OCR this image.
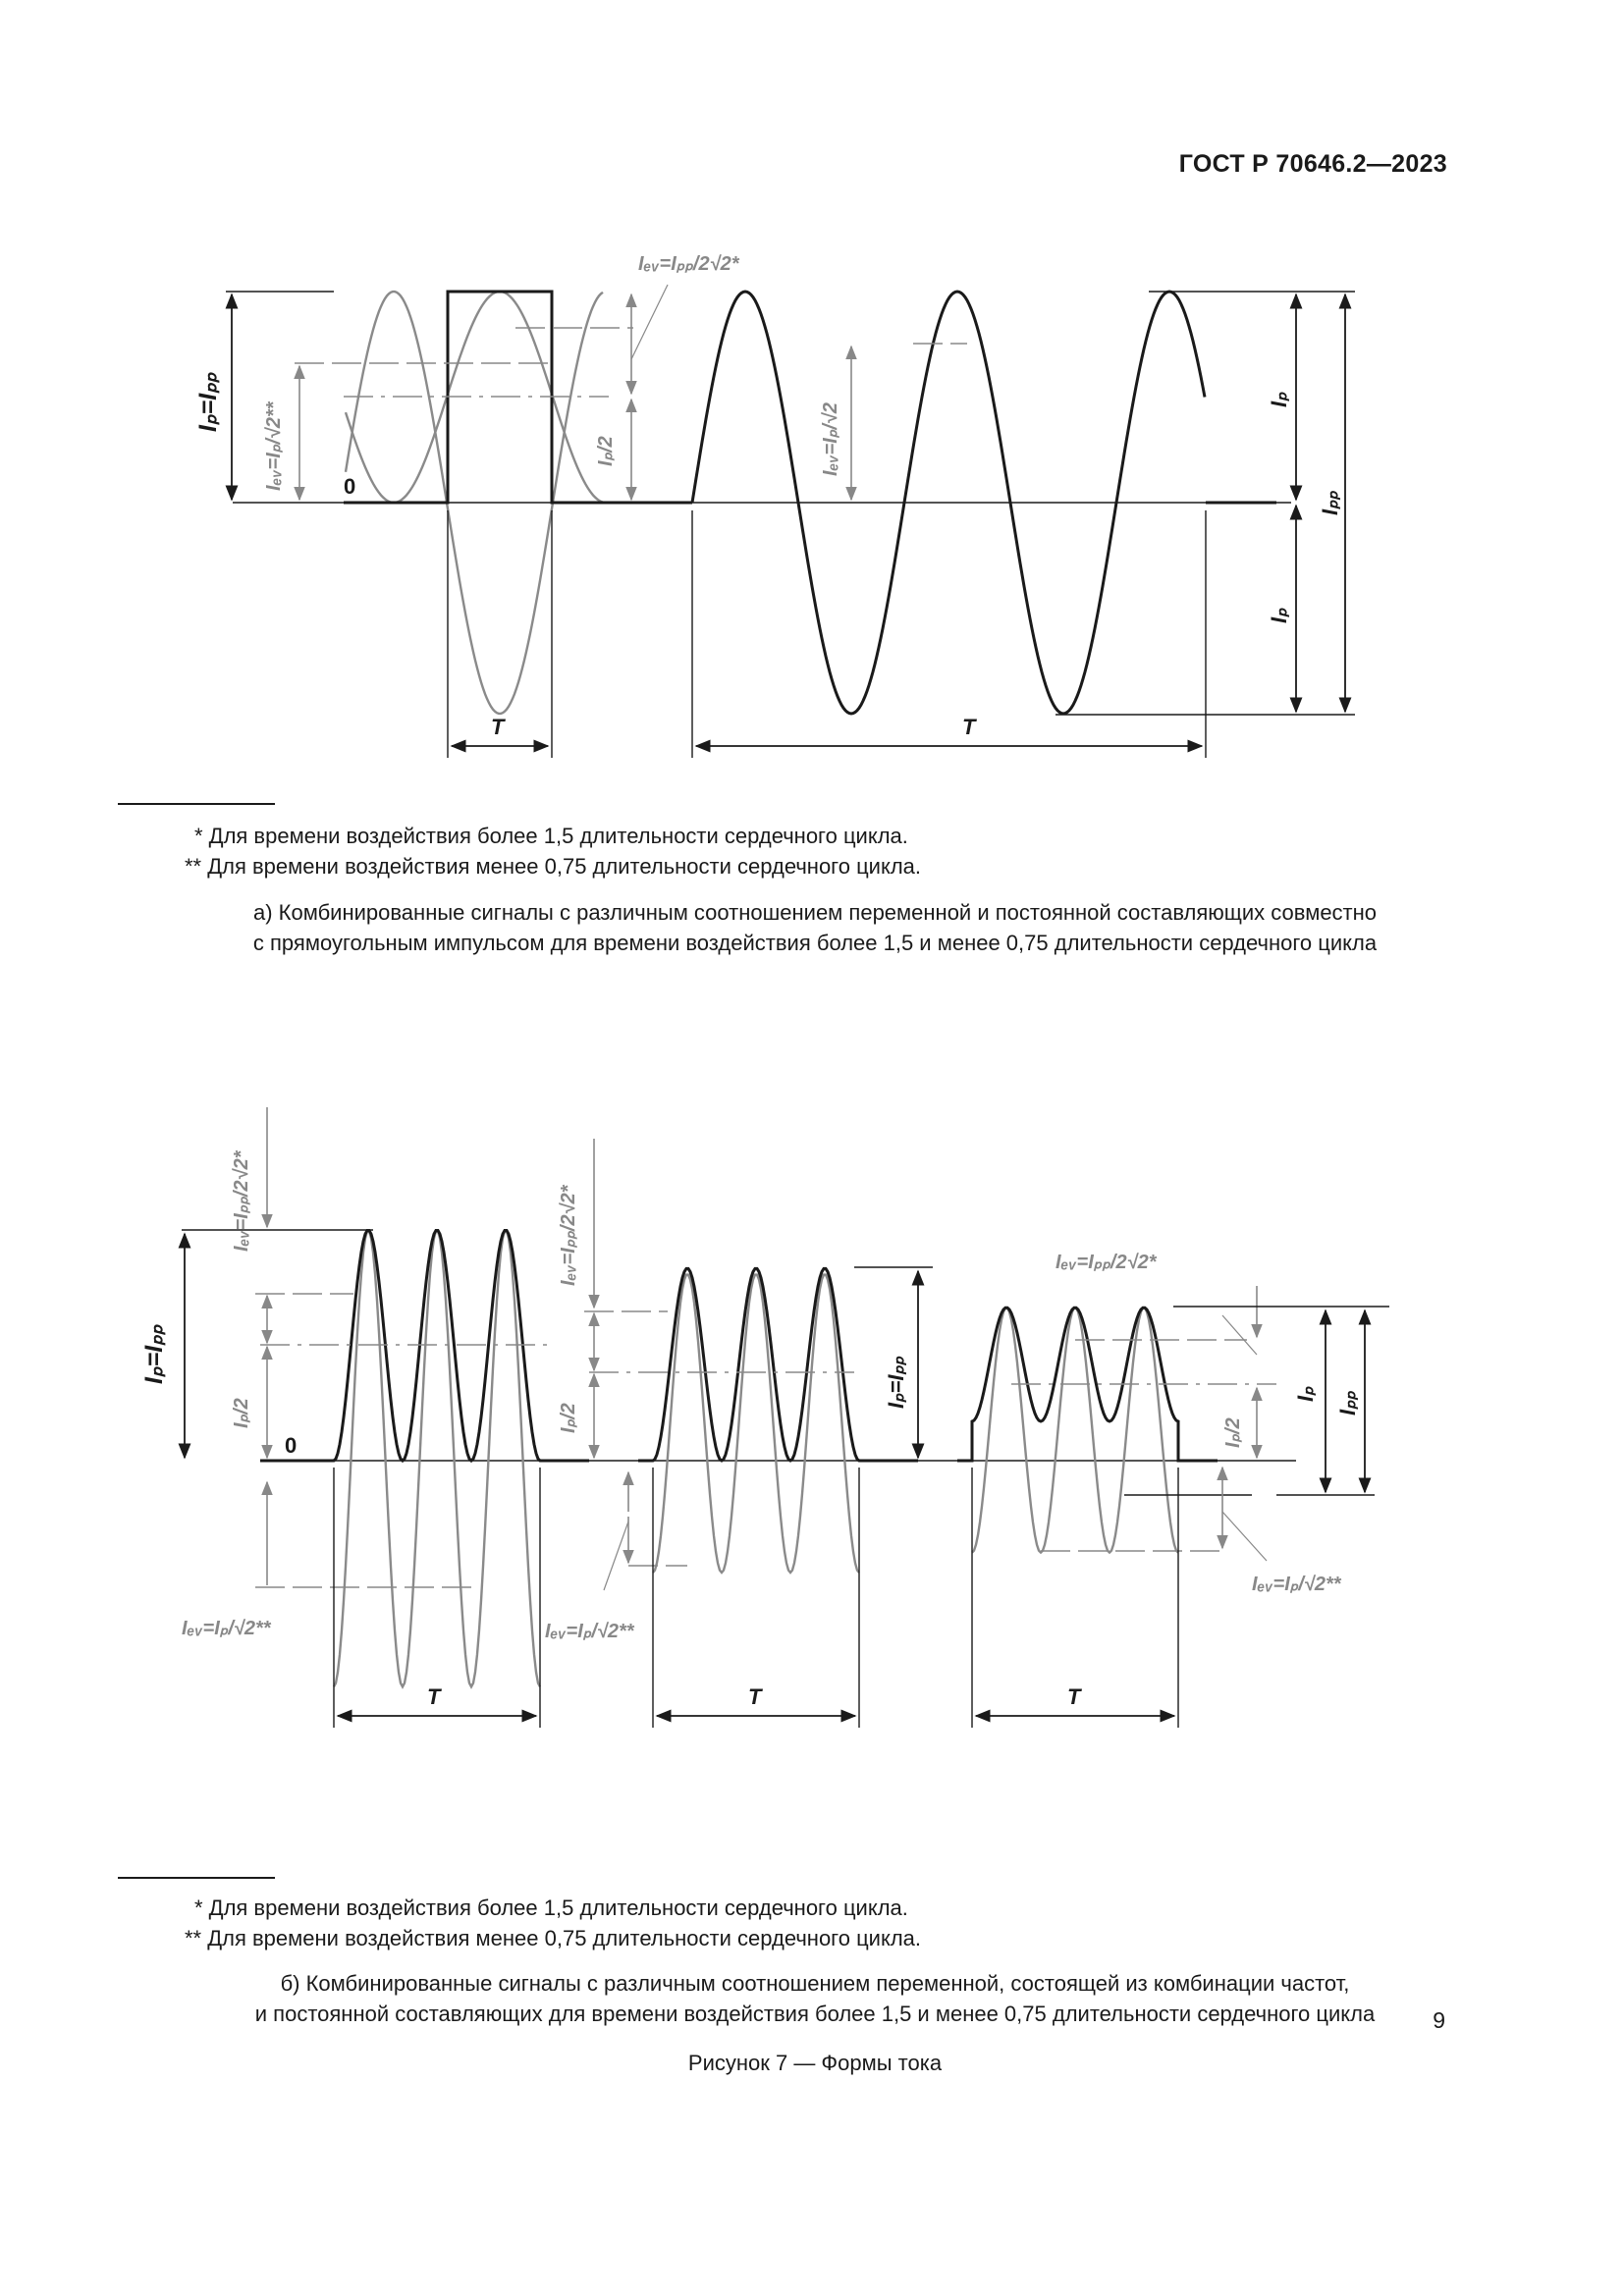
ГОСТ Р 70646.2—2023
Iₚ=Iₚₚ Iₑᵥ=Iₚ/√2**	0
Iₑᵥ=Iₚₚ/2√2*
Iₚ/2	Iₑᵥ=Iₚ/√2
Iₚ
Iₚ
Iₚₚ
T	T
* Для времени воздействия более 1,5 длительности сердечного цикла.
** Для времени воздействия менее 0,75 длительности сердечного цикла.
а) Комбинированные сигналы с различным соотношением переменной и постоянной составляющих совместно
с прямоугольным импульсом для времени воздействия более 1,5 и менее 0,75 длительности сердечного цикла
Iₚ=Iₚₚ
Iₑᵥ=Iₚₚ/2√2*
Iₚ/2
0
Iₑᵥ=Iₚ/√2**
T
Iₑᵥ=Iₚₚ/2√2*
Iₚ/2
Iₑᵥ=Iₚ/√2**
T
Iₚ=Iₚₚ
Iₑᵥ=Iₚₚ/2√2*
Iₚ/2
Iₑᵥ=Iₚ/√2**
Iₚ Iₚₚ
T
* Для времени воздействия более 1,5 длительности сердечного цикла.
** Для времени воздействия менее 0,75 длительности сердечного цикла.
б) Комбинированные сигналы с различным соотношением переменной, состоящей из комбинации частот,
и постоянной составляющих для времени воздействия более 1,5 и менее 0,75 длительности сердечного цикла
Рисунок 7 — Формы тока
9
